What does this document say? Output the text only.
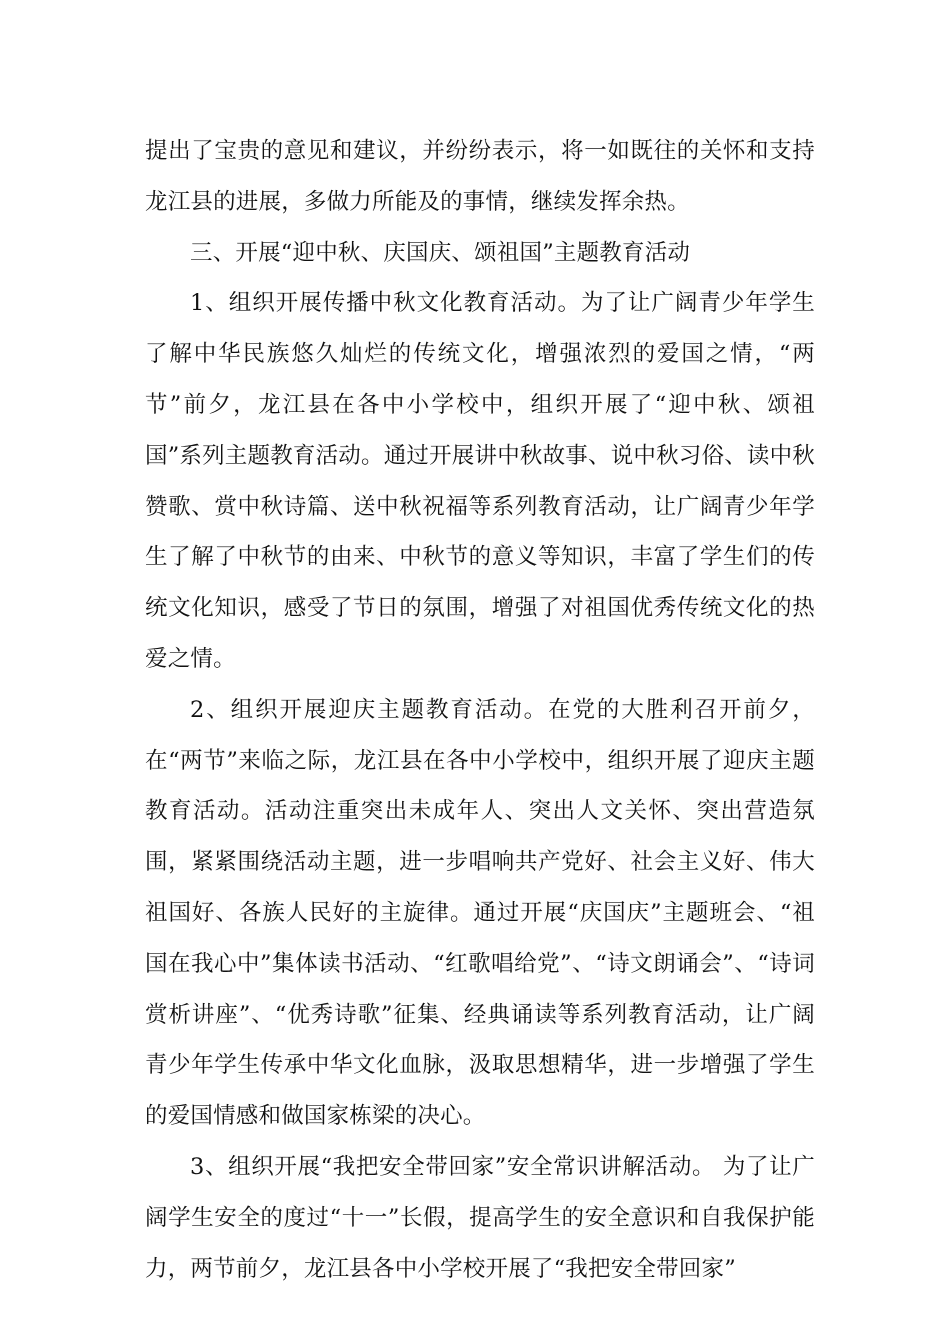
提出了宝贵的意见和建议，并纷纷表示，将一如既往的关怀和支持龙江县的进展，多做力所能及的事情，继续发挥余热。

三、开展“迎中秋、庆国庆、颂祖国”主题教育活动

1、组织开展传播中秋文化教育活动。为了让广阔青少年学生了解中华民族悠久灿烂的传统文化，增强浓烈的爱国之情，“两节”前夕，龙江县在各中小学校中，组织开展了“迎中秋、颂祖国”系列主题教育活动。通过开展讲中秋故事、说中秋习俗、读中秋赞歌、赏中秋诗篇、送中秋祝福等系列教育活动，让广阔青少年学生了解了中秋节的由来、中秋节的意义等知识，丰富了学生们的传统文化知识，感受了节日的氛围，增强了对祖国优秀传统文化的热爱之情。

2、组织开展迎庆主题教育活动。在党的大胜利召开前夕，在“两节”来临之际，龙江县在各中小学校中，组织开展了迎庆主题教育活动。活动注重突出未成年人、突出人文关怀、突出营造氛围，紧紧围绕活动主题，进一步唱响共产党好、社会主义好、伟大祖国好、各族人民好的主旋律。通过开展“庆国庆”主题班会、“祖国在我心中”集体读书活动、“红歌唱给党”、“诗文朗诵会”、“诗词赏析讲座”、“优秀诗歌”征集、经典诵读等系列教育活动，让广阔青少年学生传承中华文化血脉，汲取思想精华，进一步增强了学生的爱国情感和做国家栋梁的决心。

3、组织开展“我把安全带回家”安全常识讲解活动。 为了让广阔学生安全的度过“十一”长假，提高学生的安全意识和自我保护能力，两节前夕，龙江县各中小学校开展了“我把安全带回家”
